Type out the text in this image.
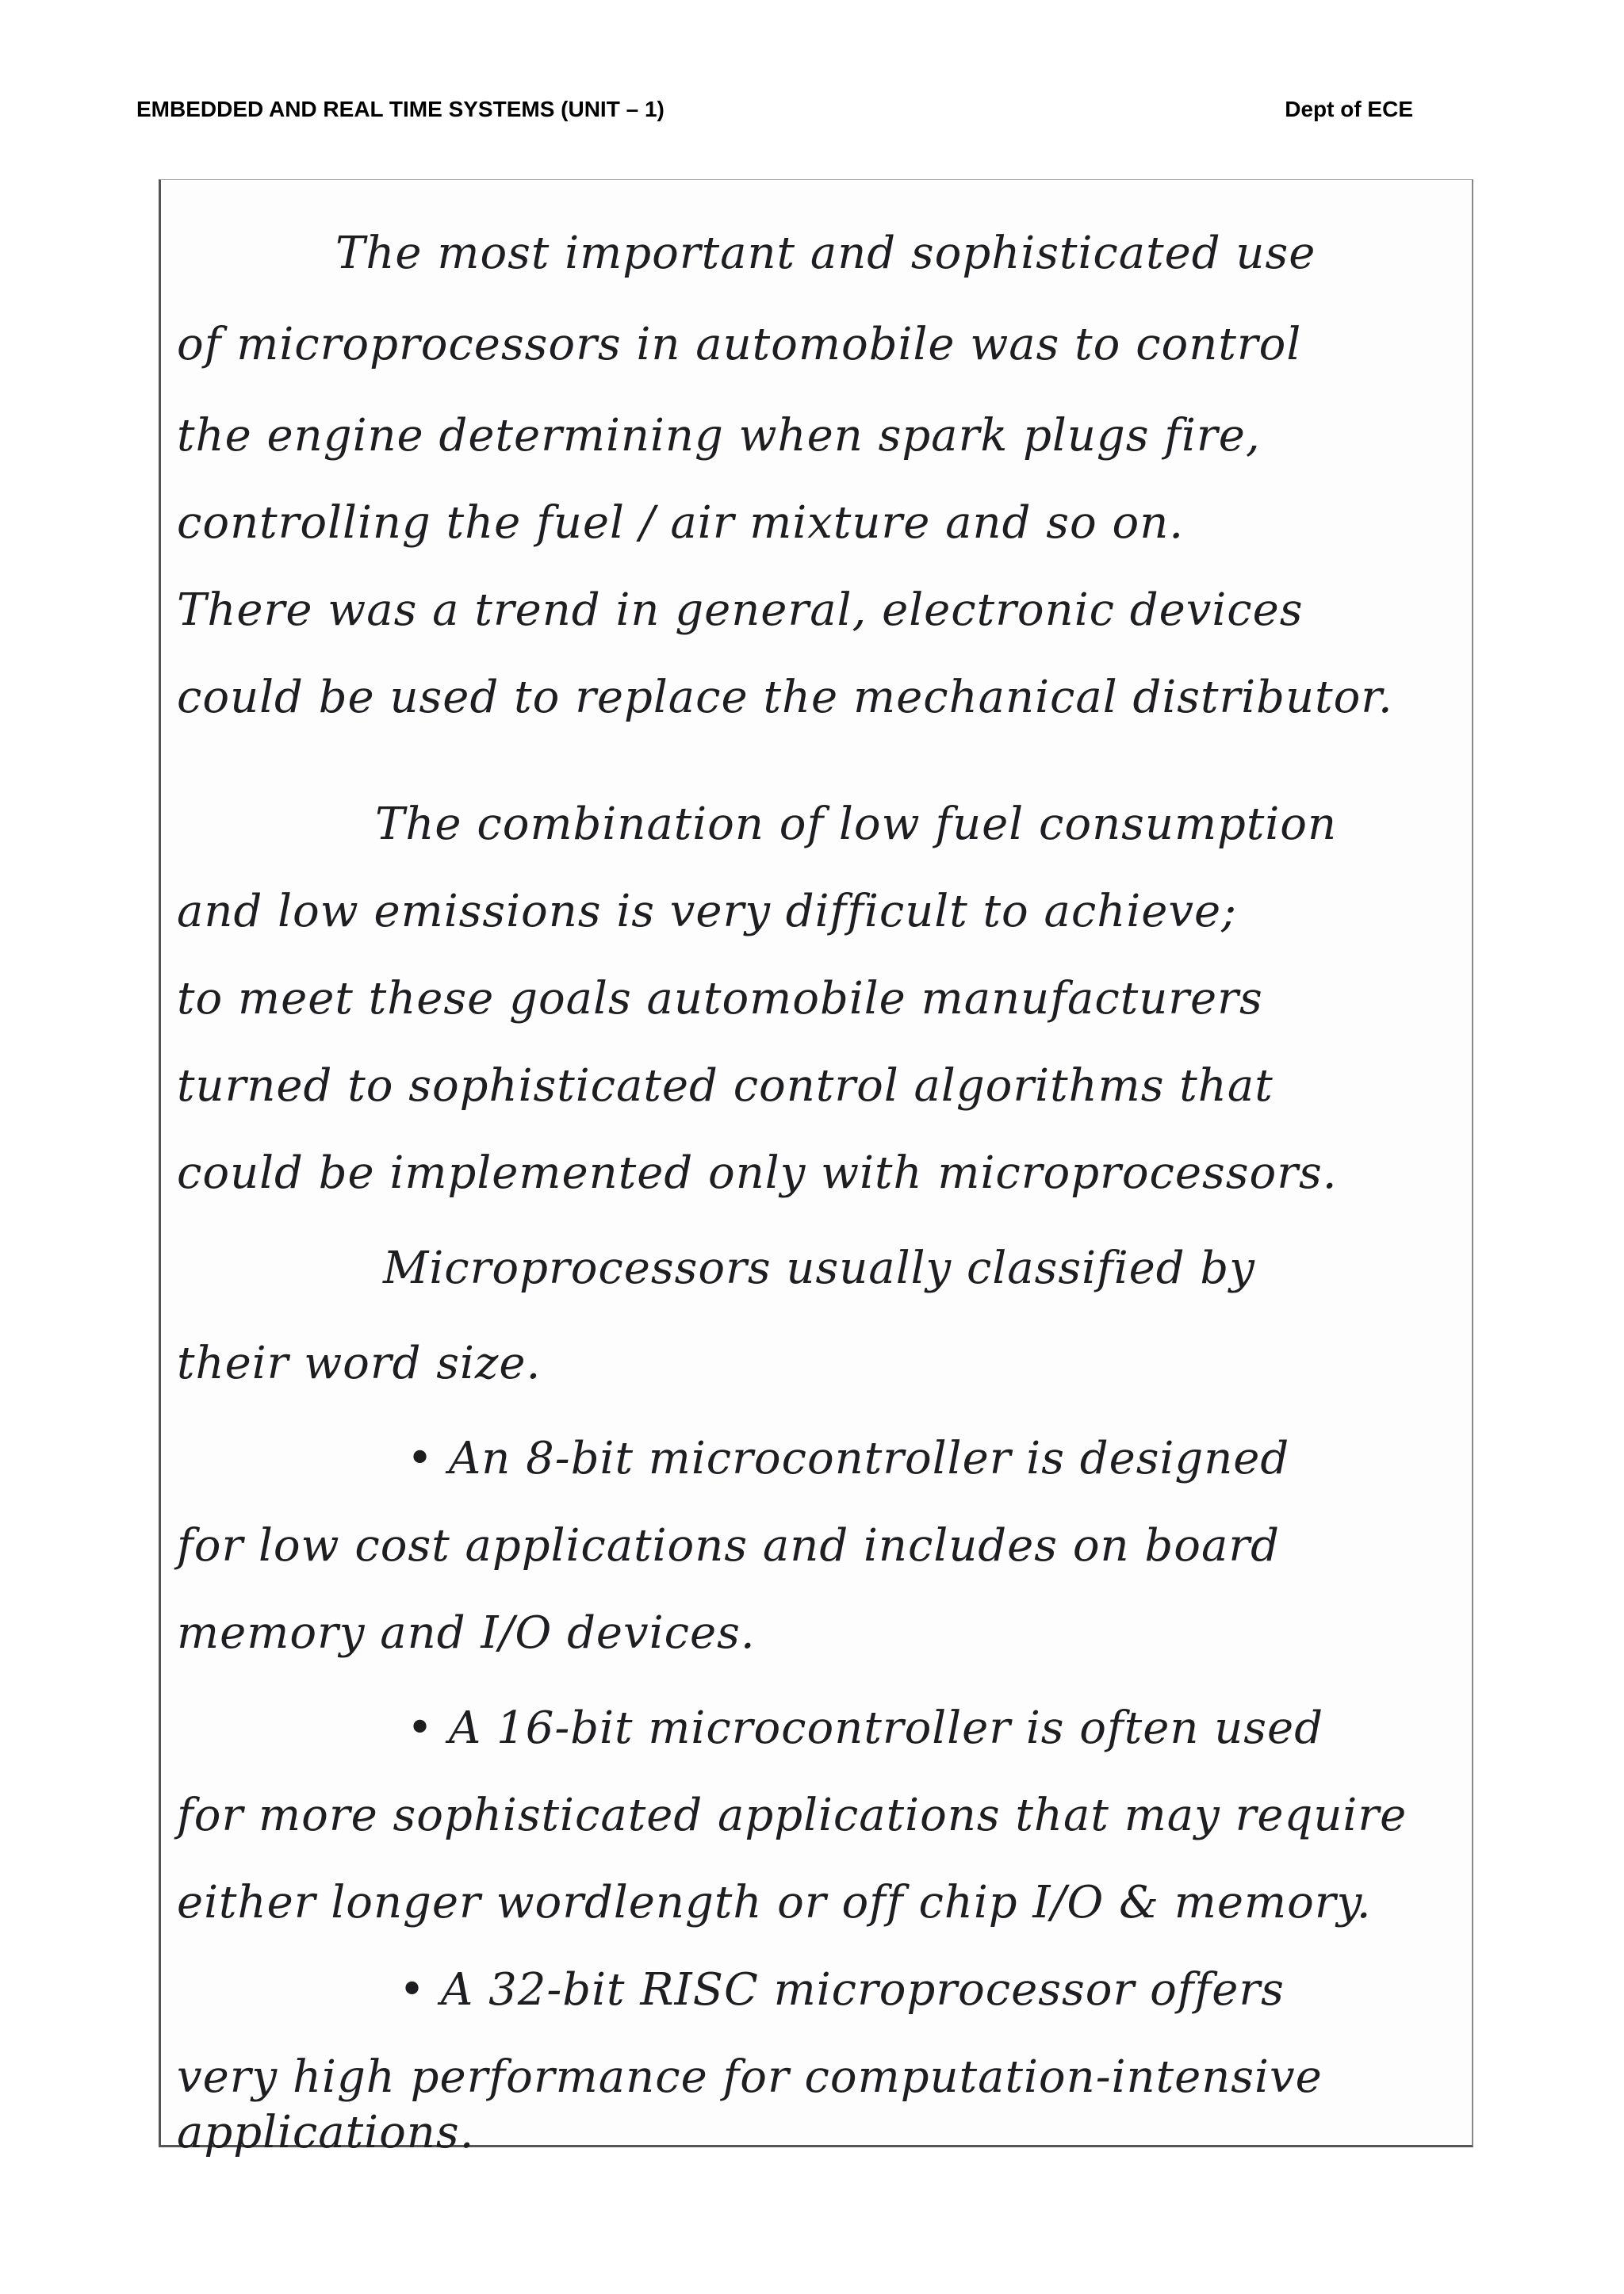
EMBEDDED AND REAL TIME SYSTEMS (UNIT – 1)	Dept of ECE
The most important and sophisticated use
of microprocessors in automobile was to control
the engine determining when spark plugs fire,
controlling the fuel / air mixture and so on.
There was a trend in general, electronic devices
could be used to replace the mechanical distributor.
The combination of low fuel consumption
and low emissions is very difficult to achieve;
to meet these goals automobile manufacturers
turned to sophisticated control algorithms that
could be implemented only with microprocessors.
Microprocessors usually classified by
their word size.
• An 8-bit microcontroller is designed
for low cost applications and includes on board
memory and I/O devices.
• A 16-bit microcontroller is often used
for more sophisticated applications that may require
either longer wordlength or off chip I/O & memory.
• A 32-bit RISC microprocessor offers
very high performance for computation-intensive
applications.
